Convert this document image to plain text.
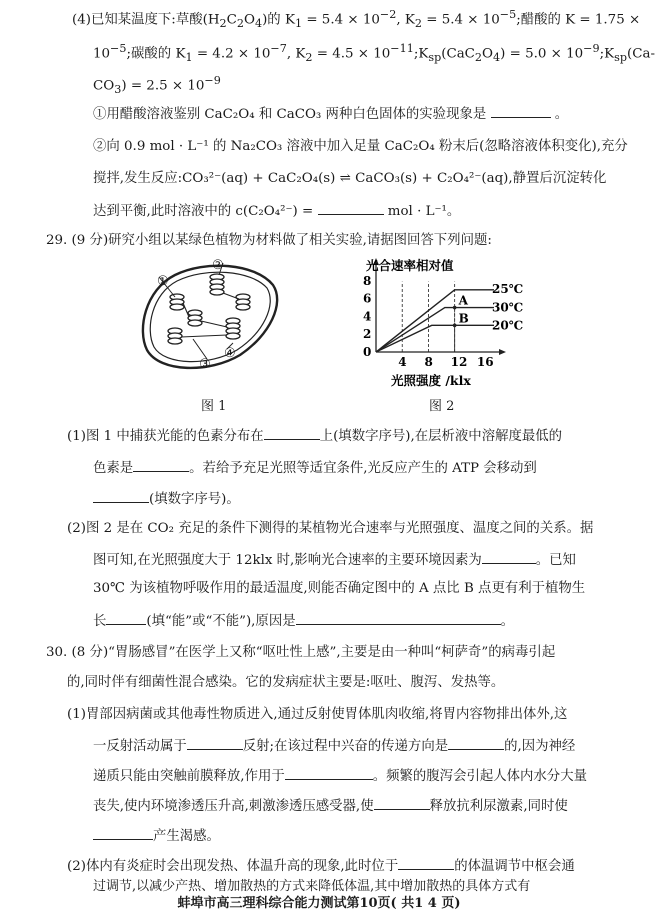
(4)已知某温度下:草酸$(H_2C_2O_4)$的 $K_1 = 5.4 \times 10^{-2}$, $K_2 = 5.4 \times 10^{-5}$;醋酸的 K = 1.75 ×
$10^{-5}$;碳酸的 $K_1 = 4.2 \times 10^{-7}$, $K_2 = 4.5$ × $10^{-11};K_{sp}(CaC_2O_4) = 5.0$ × $10^{-9};K_{sp}(Ca-$
$CO_3) = 2.5 \times 10^{-9}$
①用醋酸溶液鉴别 CaC₂O₄ 和 CaCO₃ 两种白色固体的实验现象是	。
②向 0.9 mol · L⁻¹ 的 Na₂CO₃ 溶液中加入足量 CaC₂O₄ 粉末后(忽略溶液体积变化),充分
搅拌,发生反应:CO₃²⁻(aq) + CaC₂O₄(s) ⇌ CaCO₃(s) + C₂O₄²⁻(aq),静置后沉淀转化
达到平衡,此时溶液中的 c(C₂O₄²⁻) =	mol · L⁻¹。
29. (9 分)研究小组以某绿色植物为材料做了相关实验,请据图回答下列问题:
①
②
③
④
图 1
光合速率相对值
0
2
4
6
8
4 8 12 16
光照强度 /klx
25℃
30℃
20℃
A
B
图 2
(1)图 1 中捕获光能的色素分布在	上(填数字序号),在层析液中溶解度最低的
色素是	。若给予充足光照等适宜条件,光反应产生的 ATP 会移动到
(填数字序号)。
(2)图 2 是在 CO₂ 充足的条件下测得的某植物光合速率与光照强度、温度之间的关系。据
图可知,在光照强度大于 12klx 时,影响光合速率的主要环境因素为	。已知
30℃ 为该植物呼吸作用的最适温度,则能否确定图中的 A 点比 B 点更有利于植物生
长	(填“能”或“不能”),原因是	。
30. (8 分)“胃肠感冒”在医学上又称“呕吐性上感”,主要是由一种叫“柯萨奇”的病毒引起
的,同时伴有细菌性混合感染。它的发病症状主要是:呕吐、腹泻、发热等。
(1)胃部因病菌或其他毒性物质进入,通过反射使胃体肌肉收缩,将胃内容物排出体外,这
一反射活动属于	反射;在该过程中兴奋的传递方向是	的,因为神经
递质只能由突触前膜释放,作用于	。频繁的腹泻会引起人体内水分大量
丧失,使内环境渗透压升高,刺激渗透压感受器,使	释放抗利尿激素,同时使
产生渴感。
(2)体内有炎症时会出现发热、体温升高的现象,此时位于	的体温调节中枢会通
过调节,以减少产热、增加散热的方式来降低体温,其中增加散热的具体方式有
蚌埠市高三理科综合能力测试第10页( 共1 4 页)
